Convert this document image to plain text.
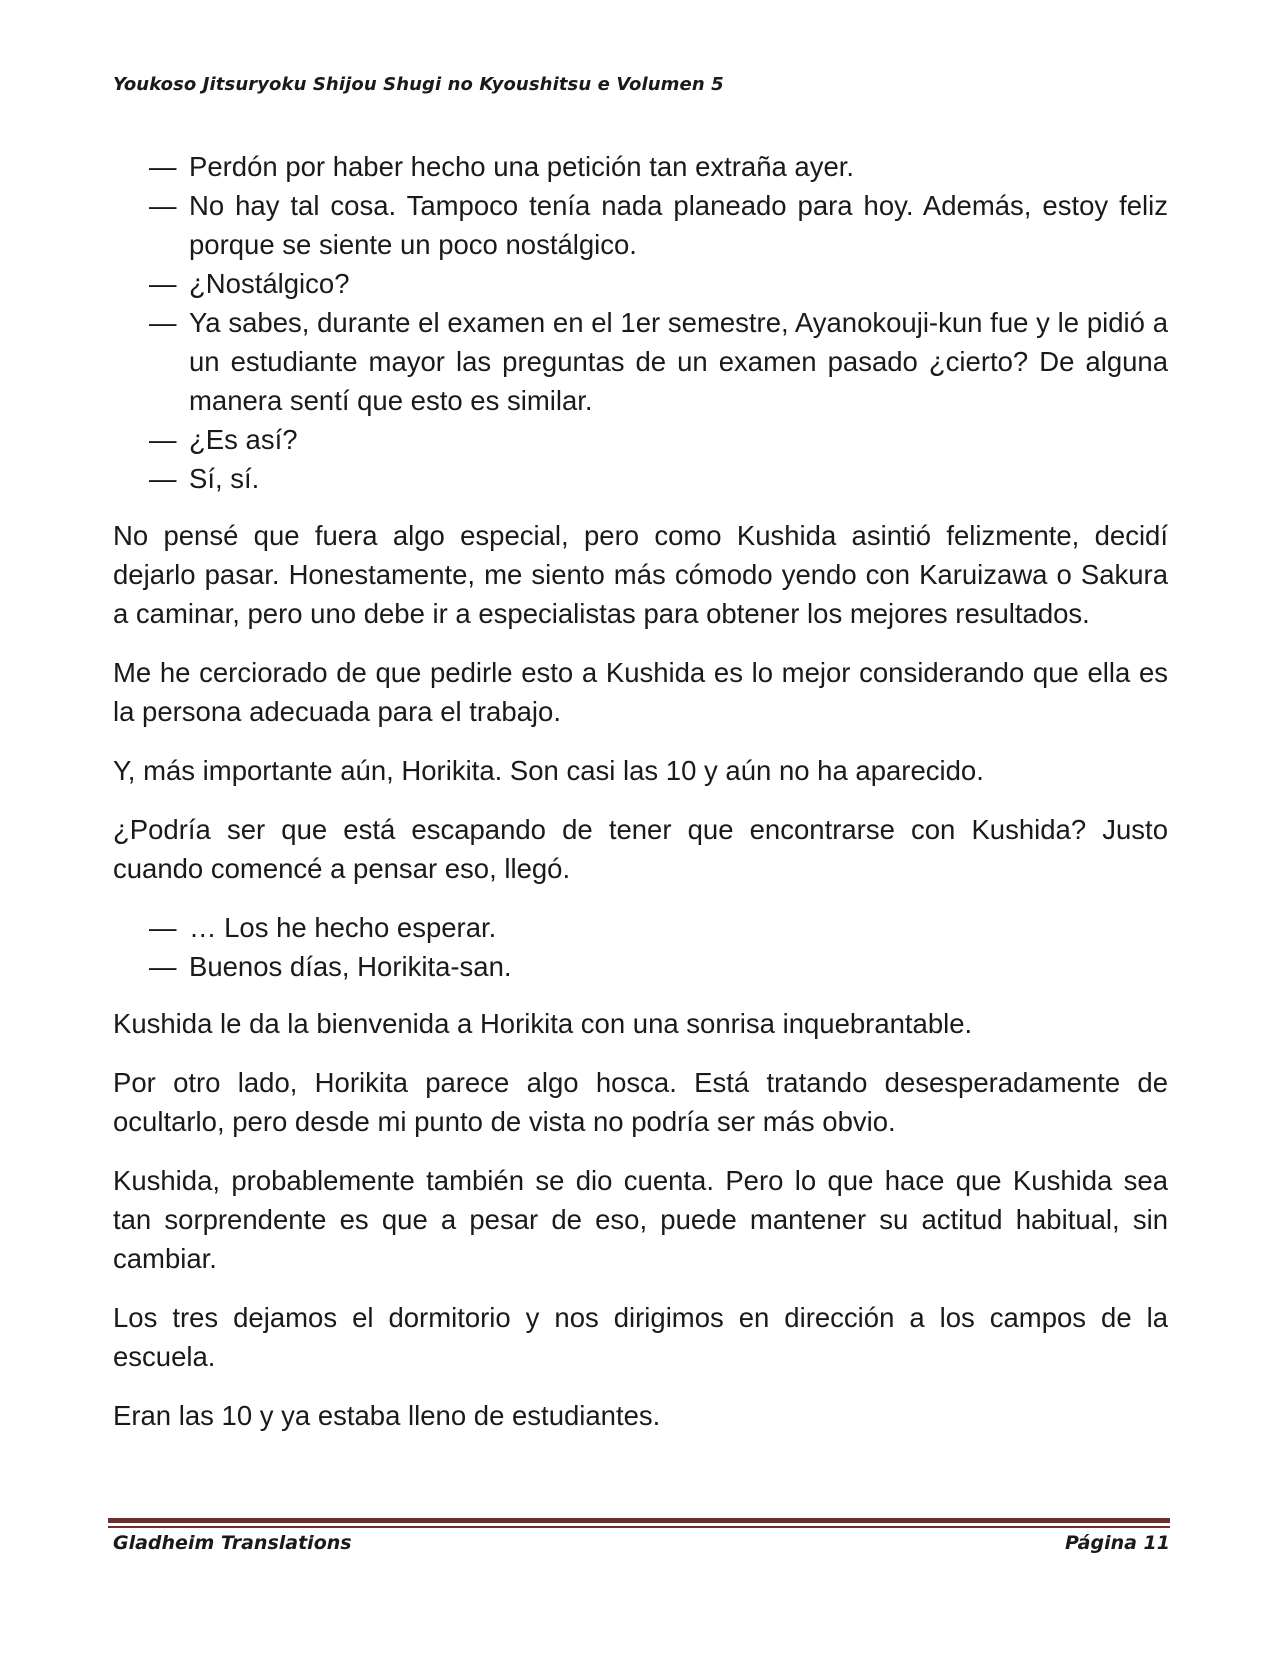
Youkoso Jitsuryoku Shijou Shugi no Kyoushitsu e Volumen 5
— Perdón por haber hecho una petición tan extraña ayer.
— No hay tal cosa. Tampoco tenía nada planeado para hoy. Además, estoy feliz porque se siente un poco nostálgico.
— ¿Nostálgico?
— Ya sabes, durante el examen en el 1er semestre, Ayanokouji-kun fue y le pidió a un estudiante mayor las preguntas de un examen pasado ¿cierto? De alguna manera sentí que esto es similar.
— ¿Es así?
— Sí, sí.

No pensé que fuera algo especial, pero como Kushida asintió felizmente, decidí dejarlo pasar. Honestamente, me siento más cómodo yendo con Karuizawa o Sakura a caminar, pero uno debe ir a especialistas para obtener los mejores resultados.

Me he cerciorado de que pedirle esto a Kushida es lo mejor considerando que ella es la persona adecuada para el trabajo.

Y, más importante aún, Horikita. Son casi las 10 y aún no ha aparecido.

¿Podría ser que está escapando de tener que encontrarse con Kushida? Justo cuando comencé a pensar eso, llegó.

— … Los he hecho esperar.
— Buenos días, Horikita-san.

Kushida le da la bienvenida a Horikita con una sonrisa inquebrantable.

Por otro lado, Horikita parece algo hosca. Está tratando desesperadamente de ocultarlo, pero desde mi punto de vista no podría ser más obvio.

Kushida, probablemente también se dio cuenta. Pero lo que hace que Kushida sea tan sorprendente es que a pesar de eso, puede mantener su actitud habitual, sin cambiar.

Los tres dejamos el dormitorio y nos dirigimos en dirección a los campos de la escuela.

Eran las 10 y ya estaba lleno de estudiantes.

Gladheim Translations	Página 11
